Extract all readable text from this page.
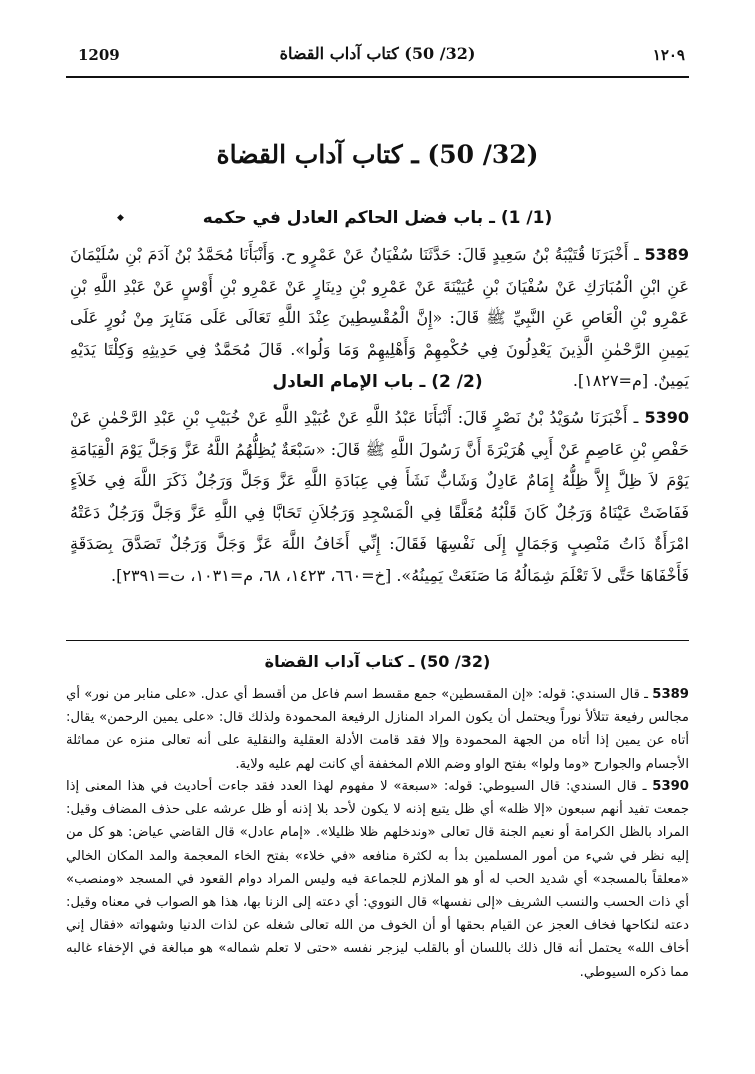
1209	(32/ 50) كتاب آداب القضاة	١٢٠٩
(32/ 50) ـ كتاب آداب القضاة
(1/ 1) ـ باب فضل الحاكم العادل في حكمه
◆
5389 ـ أَخْبَرَنَا قُتَيْبَةُ بْنُ سَعِيدٍ قَالَ: حَدَّثَنَا سُفْيَانُ عَنْ عَمْرٍو ح. وَأَنْبَأَنَا مُحَمَّدُ بْنُ آدَمَ بْنِ سُلَيْمَانَ عَنِ ابْنِ الْمُبَارَكِ عَنْ سُفْيَانَ بْنِ عُيَيْنَةَ عَنْ عَمْرِو بْنِ دِينَارٍ عَنْ عَمْرِو بْنِ أَوْسٍ عَنْ عَبْدِ اللَّهِ بْنِ عَمْرِو بْنِ الْعَاصِ عَنِ النَّبِيِّ ﷺ قَالَ: «إِنَّ الْمُقْسِطِينَ عِنْدَ اللَّهِ تَعَالَى عَلَى مَنَابِرَ مِنْ نُورٍ عَلَى يَمِينِ الرَّحْمٰنِ الَّذِينَ يَعْدِلُونَ فِي حُكْمِهِمْ وَأَهْلِيهِمْ وَمَا وَلُوا». قَالَ مُحَمَّدٌ فِي حَدِيثِهِ وَكِلْتَا يَدَيْهِ يَمِينٌ. [م=١٨٢٧].
(2/ 2) ـ باب الإمام العادل
5390 ـ أَخْبَرَنَا سُوَيْدُ بْنُ نَصْرٍ قَالَ: أَنْبَأَنَا عَبْدُ اللَّهِ عَنْ عُبَيْدِ اللَّهِ عَنْ خُبَيْبِ بْنِ عَبْدِ الرَّحْمٰنِ عَنْ حَفْصِ بْنِ عَاصِمٍ عَنْ أَبِي هُرَيْرَةَ أَنَّ رَسُولَ اللَّهِ ﷺ قَالَ: «سَبْعَةٌ يُظِلُّهُمُ اللَّهُ عَزَّ وَجَلَّ يَوْمَ الْقِيَامَةِ يَوْمَ لاَ ظِلَّ إِلاَّ ظِلُّهُ إِمَامٌ عَادِلٌ وَشَابٌّ نَشَأَ فِي عِبَادَةِ اللَّهِ عَزَّ وَجَلَّ وَرَجُلٌ ذَكَرَ اللَّهَ فِي خَلاَءٍ فَفَاضَتْ عَيْنَاهُ وَرَجُلٌ كَانَ قَلْبُهُ مُعَلَّقًا فِي الْمَسْجِدِ وَرَجُلاَنِ تَحَابَّا فِي اللَّهِ عَزَّ وَجَلَّ وَرَجُلٌ دَعَتْهُ امْرَأَةٌ ذَاتُ مَنْصِبٍ وَجَمَالٍ إِلَى نَفْسِهَا فَقَالَ: إِنِّي أَخَافُ اللَّهَ عَزَّ وَجَلَّ وَرَجُلٌ تَصَدَّقَ بِصَدَقَةٍ فَأَخْفَاهَا حَتَّى لاَ تَعْلَمَ شِمَالُهُ مَا صَنَعَتْ يَمِينُهُ». [خ=٦٦٠، ١٤٢٣، ٦٨، م=١٠٣١، ت=٢٣٩١].
(32/ 50) ـ كتاب آداب القضاة
5389 ـ قال السندي: قوله: «إن المقسطين» جمع مقسط اسم فاعل من أقسط أي عدل. «على منابر من نور» أي مجالس رفيعة تتلألأ نوراً ويحتمل أن يكون المراد المنازل الرفيعة المحمودة ولذلك قال: «على يمين الرحمن» يقال: أتاه عن يمين إذا أتاه من الجهة المحمودة وإلا فقد قامت الأدلة العقلية والنقلية على أنه تعالى منزه عن مماثلة الأجسام والجوارح «وما ولوا» بفتح الواو وضم اللام المخففة أي كانت لهم عليه ولاية.
5390 ـ قال السندي: قال السيوطي: قوله: «سبعة» لا مفهوم لهذا العدد فقد جاءت أحاديث في هذا المعنى إذا جمعت تفيد أنهم سبعون «إلا ظله» أي ظل يتبع إذنه لا يكون لأحد بلا إذنه أو ظل عرشه على حذف المضاف وقيل: المراد بالظل الكرامة أو نعيم الجنة قال تعالى «وندخلهم ظلا ظليلا». «إمام عادل» قال القاضي عياض: هو كل من إليه نظر في شيء من أمور المسلمين بدأ به لكثرة منافعه «في خلاء» بفتح الخاء المعجمة والمد المكان الخالي «معلقاً بالمسجد» أي شديد الحب له أو هو الملازم للجماعة فيه وليس المراد دوام القعود في المسجد «ومنصب» أي ذات الحسب والنسب الشريف «إلى نفسها» قال النووي: أي دعته إلى الزنا بها، هذا هو الصواب في معناه وقيل: دعته لنكاحها فخاف العجز عن القيام بحقها أو أن الخوف من الله تعالى شغله عن لذات الدنيا وشهواته «فقال إني أخاف الله» يحتمل أنه قال ذلك باللسان أو بالقلب ليزجر نفسه «حتى لا تعلم شماله» هو مبالغة في الإخفاء غالبه مما ذكره السيوطي.
